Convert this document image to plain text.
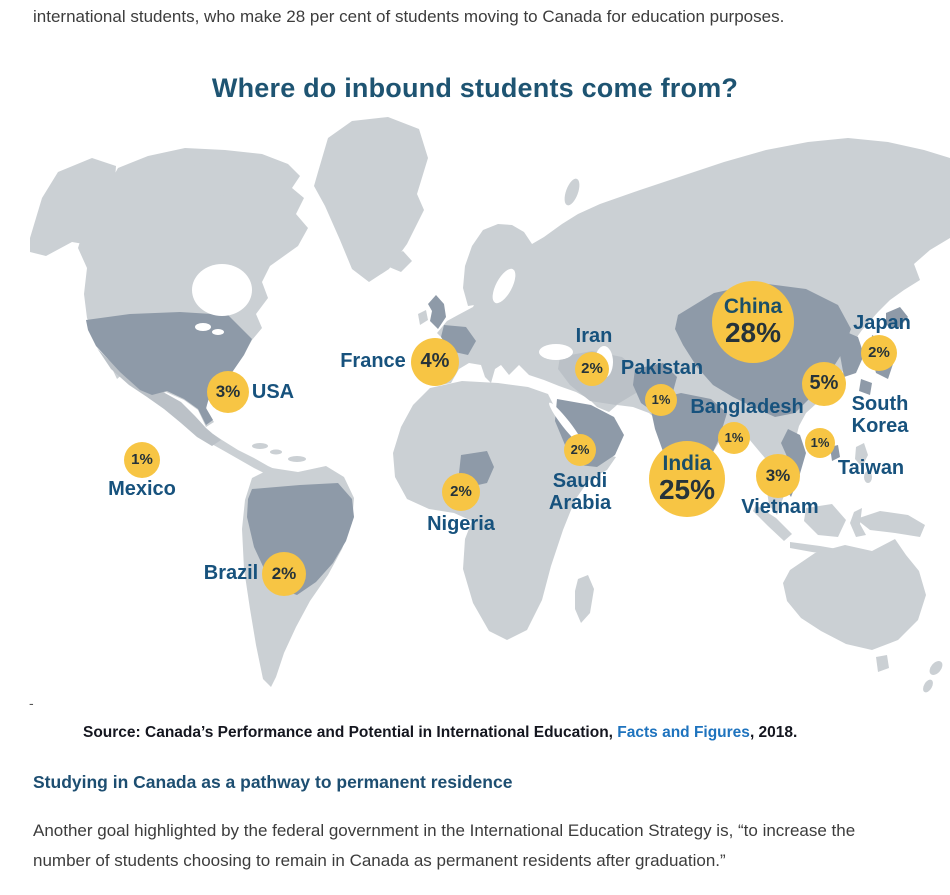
international students, who make 28 per cent of students moving to Canada for education purposes.

Where do inbound students come from?
3% USA
1%
Mexico
2%
Brazil
4%
France
2%
Nigeria
2%
Iran
2%
Saudi
Arabia
1%
Pakistan
India
25%
1%
Bangladesh
China
28%
3%
Vietnam
1%
Taiwan
5%
South
Korea
2%
Japan
-

Source: Canada’s Performance and Potential in International Education, Facts and Figures, 2018.

Studying in Canada as a pathway to permanent residence

Another goal highlighted by the federal government in the International Education Strategy is, “to increase the number of students choosing to remain in Canada as permanent residents after graduation.”
